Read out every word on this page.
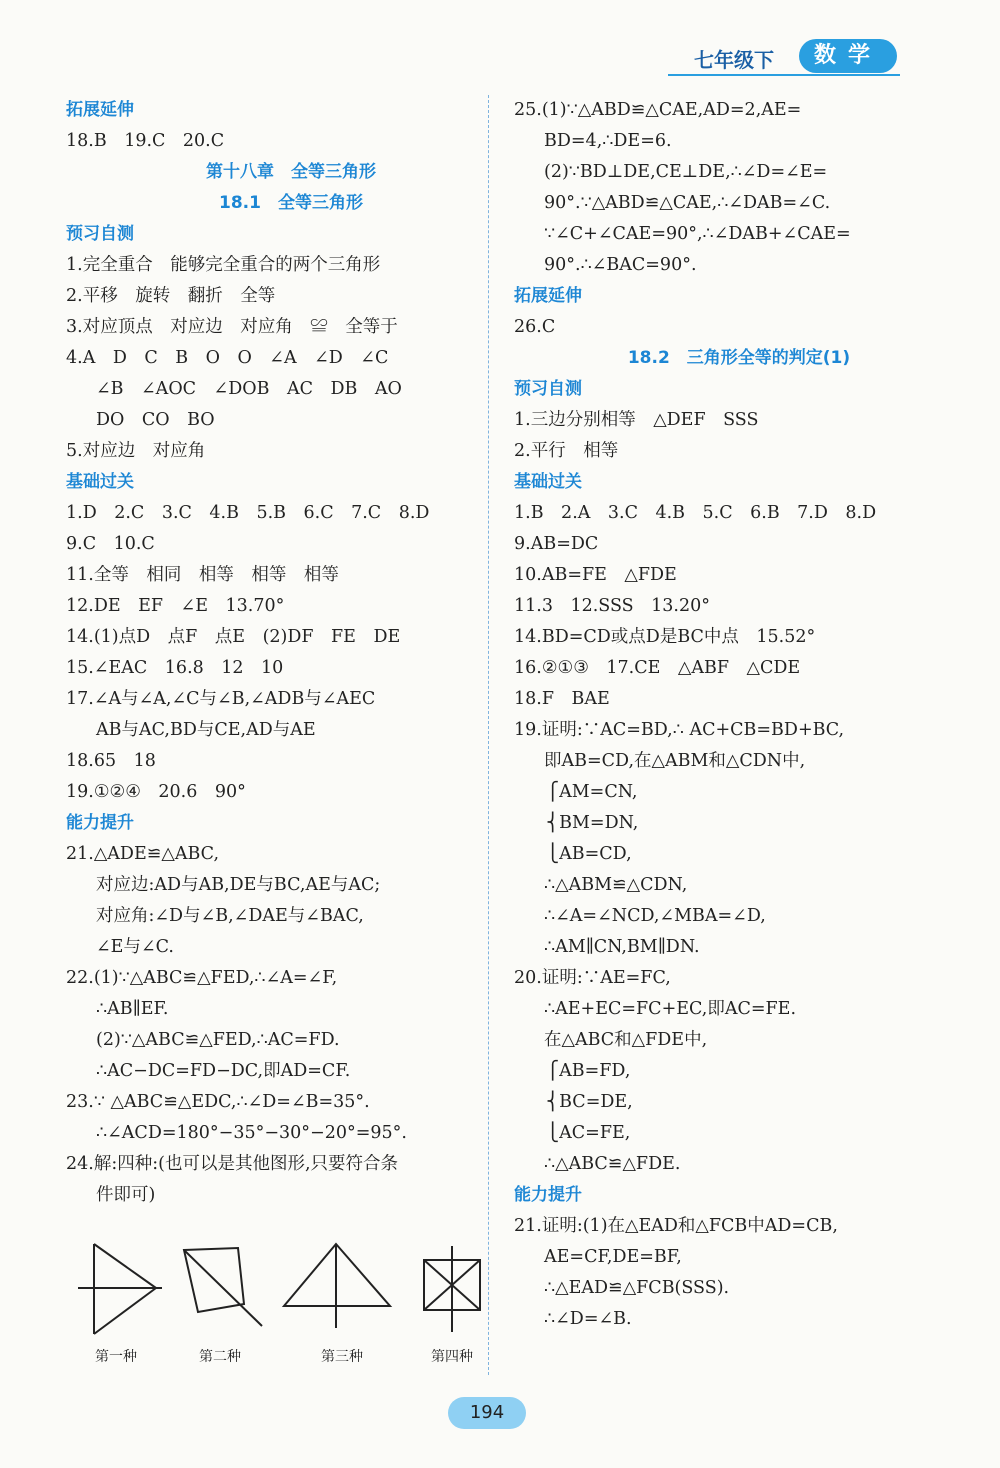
七年级下	数学
拓展延伸
18.B　19.C　20.C
第十八章　全等三角形
18.1　全等三角形
预习自测
1.完全重合　能够完全重合的两个三角形
2.平移　旋转　翻折　全等
3.对应顶点　对应边　对应角　≌　全等于
4.A　D　C　B　O　O　∠A　∠D　∠C
∠B　∠AOC　∠DOB　AC　DB　AO
DO　CO　BO
5.对应边　对应角
基础过关
1.D　2.C　3.C　4.B　5.B　6.C　7.C　8.D
9.C　10.C
11.全等　相同　相等　相等　相等
12.DE　EF　∠E　13.70°
14.(1)点D　点F　点E　(2)DF　FE　DE
15.∠EAC　16.8　12　10
17.∠A与∠A,∠C与∠B,∠ADB与∠AEC
AB与AC,BD与CE,AD与AE
18.65　18
19.①②④　20.6　90°
能力提升
21.△ADE≌△ABC,
对应边:AD与AB,DE与BC,AE与AC;
对应角:∠D与∠B,∠DAE与∠BAC,
∠E与∠C.
22.(1)∵△ABC≌△FED,∴∠A=∠F,
∴AB∥EF.
(2)∵△ABC≌△FED,∴AC=FD.
∴AC−DC=FD−DC,即AD=CF.
23.∵ △ABC≌△EDC,∴∠D=∠B=35°.
∴∠ACD=180°−35°−30°−20°=95°.
24.解:四种:(也可以是其他图形,只要符合条
件即可)
25.(1)∵△ABD≌△CAE,AD=2,AE=
BD=4,∴DE=6.
(2)∵BD⊥DE,CE⊥DE,∴∠D=∠E=
90°.∵△ABD≌△CAE,∴∠DAB=∠C.
∵∠C+∠CAE=90°,∴∠DAB+∠CAE=
90°.∴∠BAC=90°.
拓展延伸
26.C
18.2　三角形全等的判定(1)
预习自测
1.三边分别相等　△DEF　SSS
2.平行　相等
基础过关
1.B　2.A　3.C　4.B　5.C　6.B　7.D　8.D
9.AB=DC
10.AB=FE　△FDE
11.3　12.SSS　13.20°
14.BD=CD或点D是BC中点　15.52°
16.②①③　17.CE　△ABF　△CDE
18.F　BAE
19.证明:∵AC=BD,∴ AC+CB=BD+BC,
即AB=CD,在△ABM和△CDN中,
⎧AM=CN,
⎨BM=DN,
⎩AB=CD,
∴△ABM≌△CDN,
∴∠A=∠NCD,∠MBA=∠D,
∴AM∥CN,BM∥DN.
20.证明:∵AE=FC,
∴AE+EC=FC+EC,即AC=FE.
在△ABC和△FDE中,
⎧AB=FD,
⎨BC=DE,
⎩AC=FE,
∴△ABC≌△FDE.
能力提升
21.证明:(1)在△EAD和△FCB中AD=CB,
AE=CF,DE=BF,
∴△EAD≌△FCB(SSS).
∴∠D=∠B.
第一种	第二种	第三种	第四种
194
